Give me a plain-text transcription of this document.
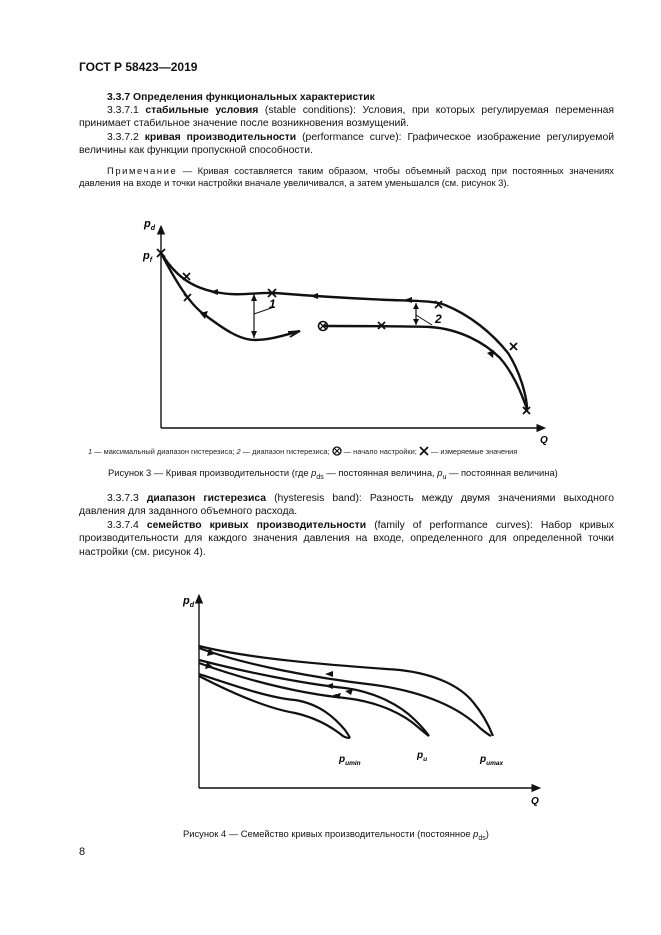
ГОСТ Р 58423—2019
3.3.7 Определения функциональных характеристик
3.3.7.1 стабильные условия (stable conditions): Условия, при которых регулируемая переменная принимает стабильное значение после возникновения возмущений.
3.3.7.2 кривая производительности (performance curve): Графическое изображение регулируемой величины как функции пропускной способности.
Примечание — Кривая составляется таким образом, чтобы объемный расход при постоянных значениях давления на входе и точки настройки вначале увеличивался, а затем уменьшался (см. рисунок 3).
$p_d$
$p_f$
Q
1
2
1 — максимальный диапазон гистерезиса; 2 — диапазон гистерезиса; — начало настройки; — измеряемые значения
Рисунок 3 — Кривая производительности (где $p_{ds}$ — постоянная величина, $p_u$ — постоянная величина)
3.3.7.3 диапазон гистерезиса (hysteresis band): Разность между двумя значениями выходного давления для заданного объемного расхода.
3.3.7.4 семейство кривых производительности (family of performance curves): Набор кривых производительности для каждого значения давления на входе, определенного для определенной точки настройки (см. рисунок 4).
$p_d$
Q
$p_{umin}$
$p_u$	$p_{umax}$
Рисунок 4 — Семейство кривых производительности (постоянное $p_{ds}$)
8
